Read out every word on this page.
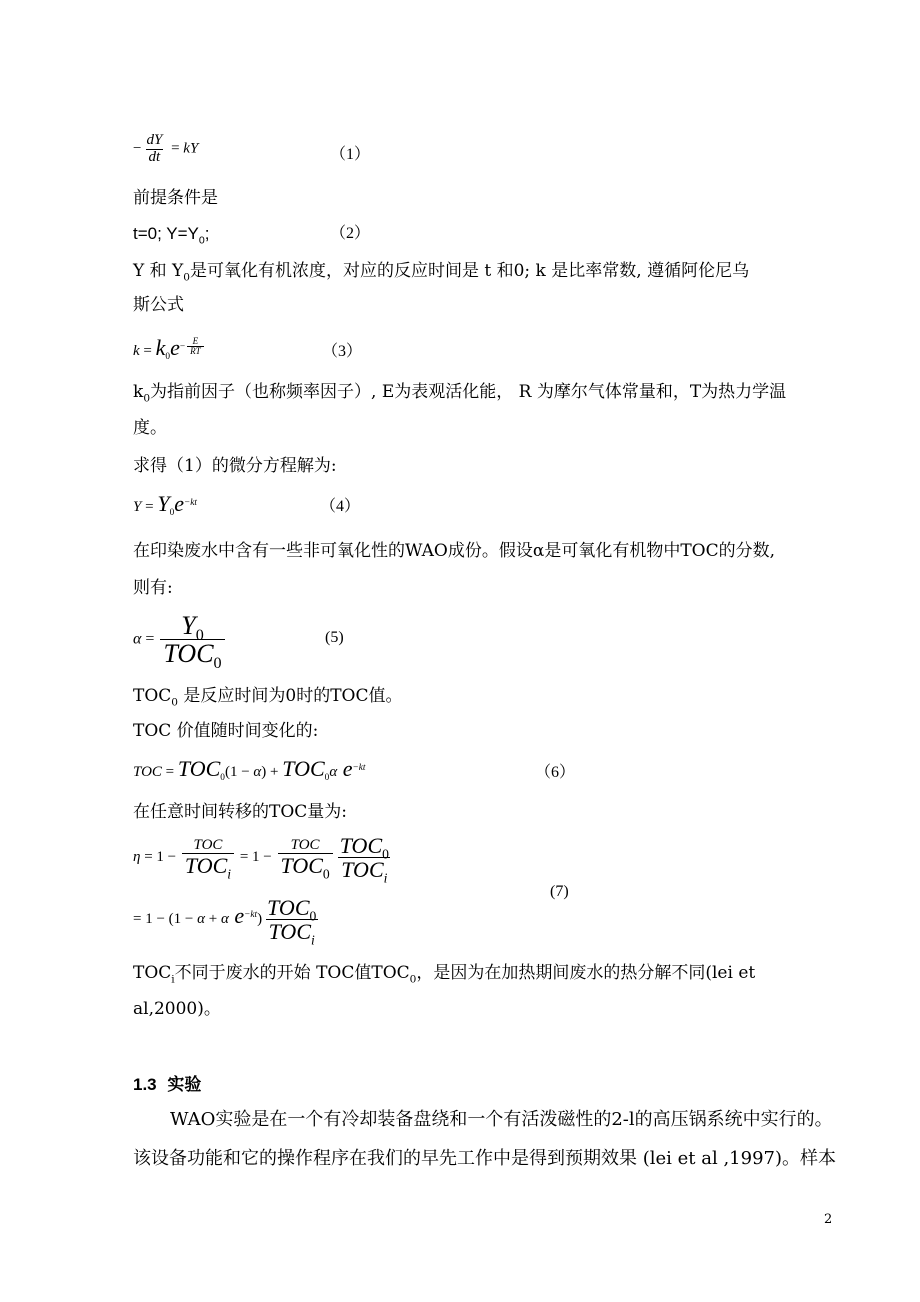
− $\frac{dY}{dt}$ = kY	（1）
前提条件是
t=0; $Y=Y_0$;	（2）
Y 和 $Y_0$是可氧化有机浓度，对应的反应时间是 t 和0; k 是比率常数, 遵循阿伦尼乌
斯公式
$k = k_0e^{- \frac{E}{RT}}$	（3）
$k_0$为指前因子（也称频率因子）, E为表观活化能， R 为摩尔气体常量和，T为热力学温
度。
求得（1）的微分方程解为:
$Y = Y_0e^{-kt}$	（4）
在印染废水中含有一些非可氧化性的WAO成份。假设α是可氧化有机物中TOC的分数,
则有:
$\alpha = \frac{Y_0}{TOC_0}$	(5)
$TOC_0$ 是反应时间为0时的TOC值。
TOC 价值随时间变化的:
TOC = $TOC_0(1 - \alpha) + TOC_0\alpha$ $e^{-kt}$	（6）
在任意时间转移的TOC量为:
$\eta = 1 - \frac{\text{TOC}}{TOC_i} = 1 - \frac{\text{TOC}}{TOC_0} \frac{TOC_0}{TOC_i}$
(7)
= 1 − (1 − α + α $e^{-kt}) \frac{TOC_0}{TOC_i}$
$TOC_i$不同于废水的开始 TOC值$TOC_0$，是因为在加热期间废水的热分解不同(lei et
al,2000)。
1.3 实验
WAO实验是在一个有冷却装备盘绕和一个有活泼磁性的2-l的高压锅系统中实行的。
该设备功能和它的操作程序在我们的早先工作中是得到预期效果 (lei et al ,1997)。样本
2
